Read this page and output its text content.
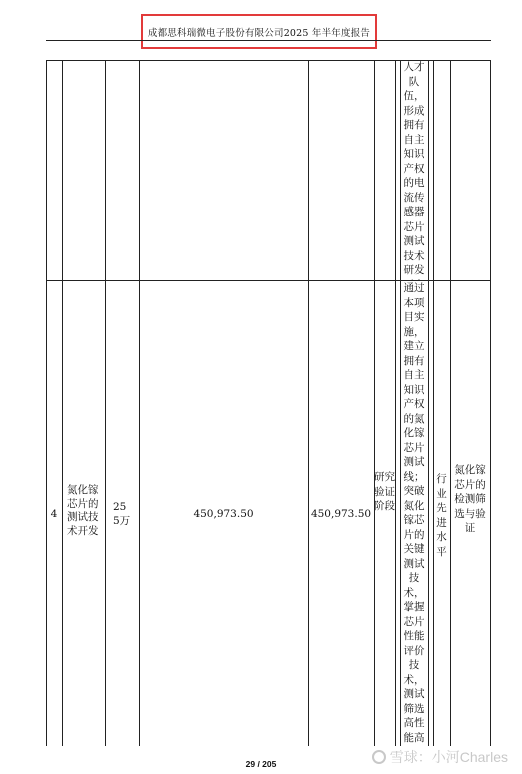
成都思科瑞微电子股份有限公司2025 年半年度报告
人才队伍，形成拥有自主知识产权的电流传感器芯片测试技术研发
4
氮化镓芯片的测试技术开发
255万
450,973.50	450,973.50
研究验证阶段
通过本项目实施，建立拥有自主知识产权的氮化镓芯片测试线；突破氮化镓芯片的关键测试技术，掌握芯片性能评价技术，测试筛选高性能高
行业先进水平
氮化镓芯片的检测筛选与验证
29 / 205	雪球：小河Charles
